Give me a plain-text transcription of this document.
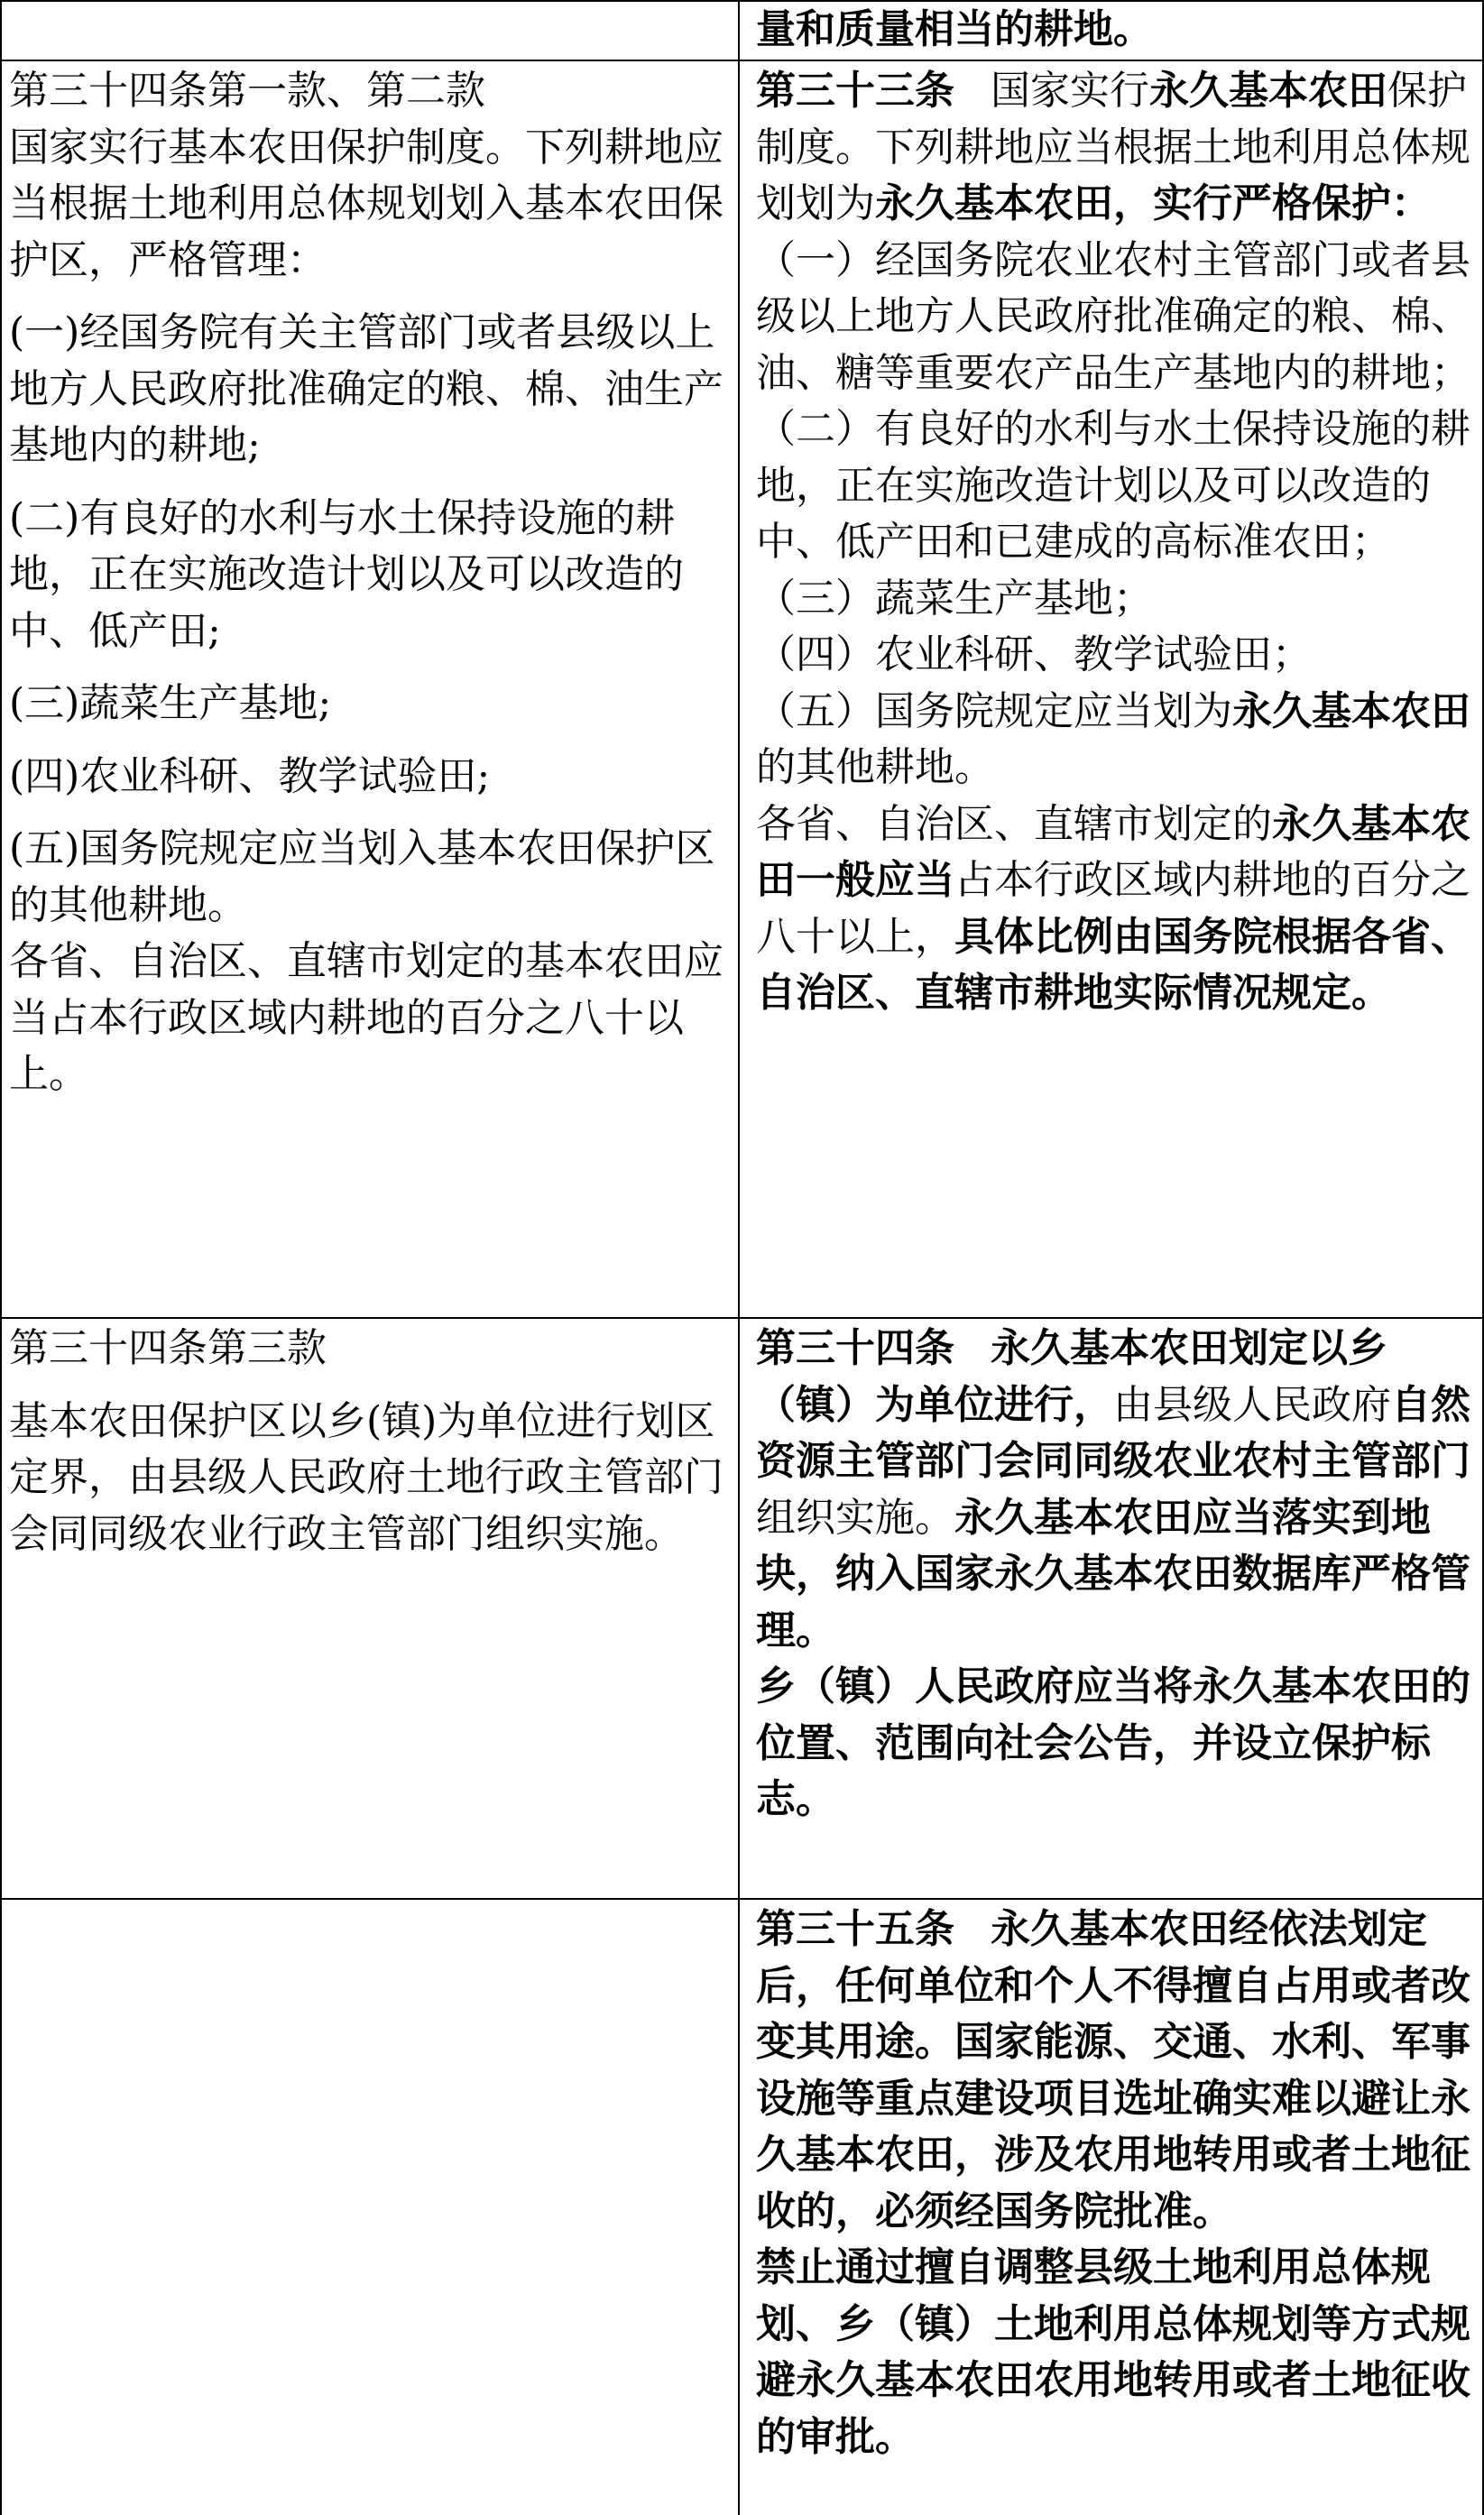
量和质量相当的耕地。

第三十四条第一款、第二款

国家实行基本农田保护制度。下列耕地应当根据土地利用总体规划划入基本农田保护区，严格管理：

(一)经国务院有关主管部门或者县级以上地方人民政府批准确定的粮、棉、油生产基地内的耕地;

(二)有良好的水利与水土保持设施的耕地，正在实施改造计划以及可以改造的中、低产田;

(三)蔬菜生产基地;

(四)农业科研、教学试验田;

(五)国务院规定应当划入基本农田保护区的其他耕地。

各省、自治区、直辖市划定的基本农田应当占本行政区域内耕地的百分之八十以上。

第三十三条 国家实行永久基本农田保护制度。下列耕地应当根据土地利用总体规划划为永久基本农田，实行严格保护：

（一）经国务院农业农村主管部门或者县级以上地方人民政府批准确定的粮、棉、油、糖等重要农产品生产基地内的耕地；

（二）有良好的水利与水土保持设施的耕地，正在实施改造计划以及可以改造的中、低产田和已建成的高标准农田；

（三）蔬菜生产基地；

（四）农业科研、教学试验田；

（五）国务院规定应当划为永久基本农田的其他耕地。

各省、自治区、直辖市划定的永久基本农田一般应当占本行政区域内耕地的百分之八十以上，具体比例由国务院根据各省、自治区、直辖市耕地实际情况规定。

第三十四条第三款

基本农田保护区以乡(镇)为单位进行划区定界，由县级人民政府土地行政主管部门会同同级农业行政主管部门组织实施。

第三十四条 永久基本农田划定以乡（镇）为单位进行，由县级人民政府自然资源主管部门会同同级农业农村主管部门组织实施。永久基本农田应当落实到地块，纳入国家永久基本农田数据库严格管理。

乡（镇）人民政府应当将永久基本农田的位置、范围向社会公告，并设立保护标志。

第三十五条 永久基本农田经依法划定后，任何单位和个人不得擅自占用或者改变其用途。国家能源、交通、水利、军事设施等重点建设项目选址确实难以避让永久基本农田，涉及农用地转用或者土地征收的，必须经国务院批准。

禁止通过擅自调整县级土地利用总体规划、乡（镇）土地利用总体规划等方式规避永久基本农田农用地转用或者土地征收的审批。
